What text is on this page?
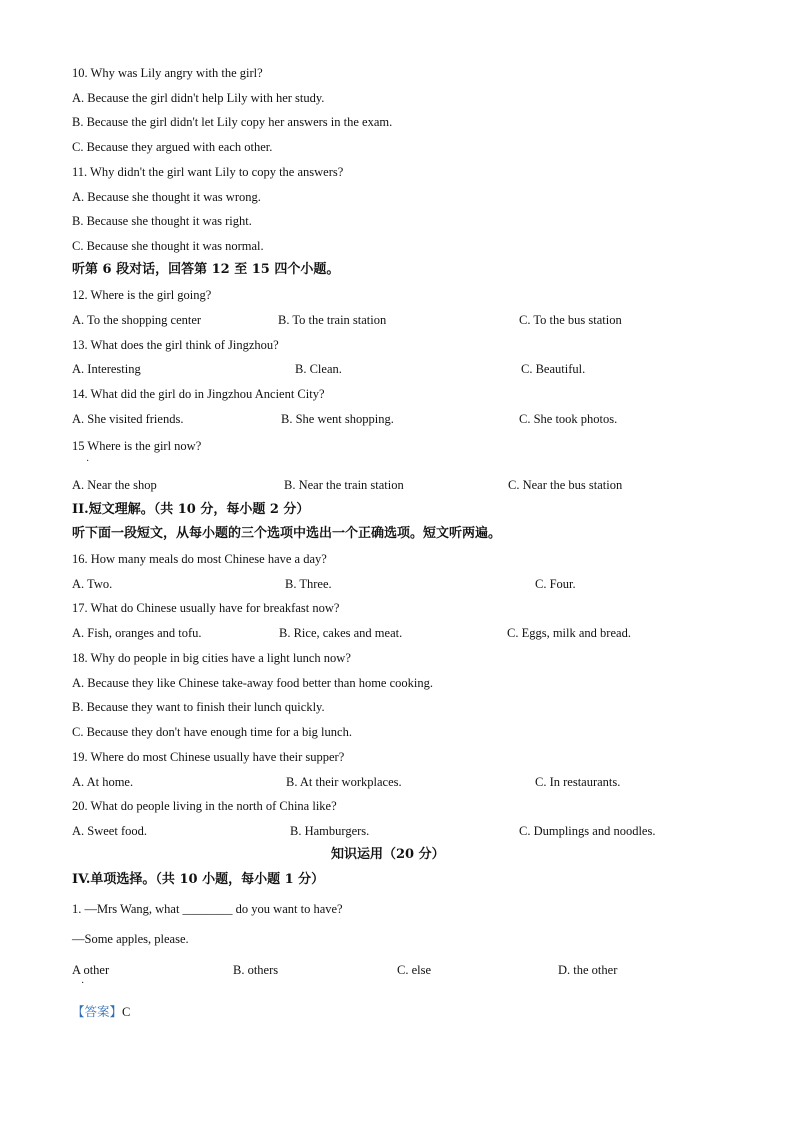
10. Why was Lily angry with the girl?
A. Because the girl didn't help Lily with her study.
B. Because the girl didn't let Lily copy her answers in the exam.
C. Because they argued with each other.
11. Why didn't the girl want Lily to copy the answers?
A. Because she thought it was wrong.
B. Because she thought it was right.
C. Because she thought it was normal.
听第 6 段对话，回答第 12 至 15 四个小题。
12. Where is the girl going?
A. To the shopping center	B. To the train station	C. To the bus station
13. What does the girl think of Jingzhou?
A. Interesting	B. Clean.	C. Beautiful.
14. What did the girl do in Jingzhou Ancient City?
A. She visited friends.	B. She went shopping.	C. She took photos.
15 Where is the girl now?
·
A. Near the shop	B. Near the train station	C. Near the bus station
II.短文理解。（共 10 分，每小题 2 分）
听下面一段短文，从每小题的三个选项中选出一个正确选项。短文听两遍。
16. How many meals do most Chinese have a day?
A. Two.	B. Three.	C. Four.
17. What do Chinese usually have for breakfast now?
A. Fish, oranges and tofu.	B. Rice, cakes and meat.	C. Eggs, milk and bread.
18. Why do people in big cities have a light lunch now?
A. Because they like Chinese take-away food better than home cooking.
B. Because they want to finish their lunch quickly.
C. Because they don't have enough time for a big lunch.
19. Where do most Chinese usually have their supper?
A. At home.	B. At their workplaces.	C. In restaurants.
20. What do people living in the north of China like?
A. Sweet food.	B. Hamburgers.	C. Dumplings and noodles.
知识运用（20 分）
IV.单项选择。（共 10 小题，每小题 1 分）
1. —Mrs Wang, what ________ do you want to have?
—Some apples, please.
A other
·
B. others	C. else	D. the other
【答案】C
